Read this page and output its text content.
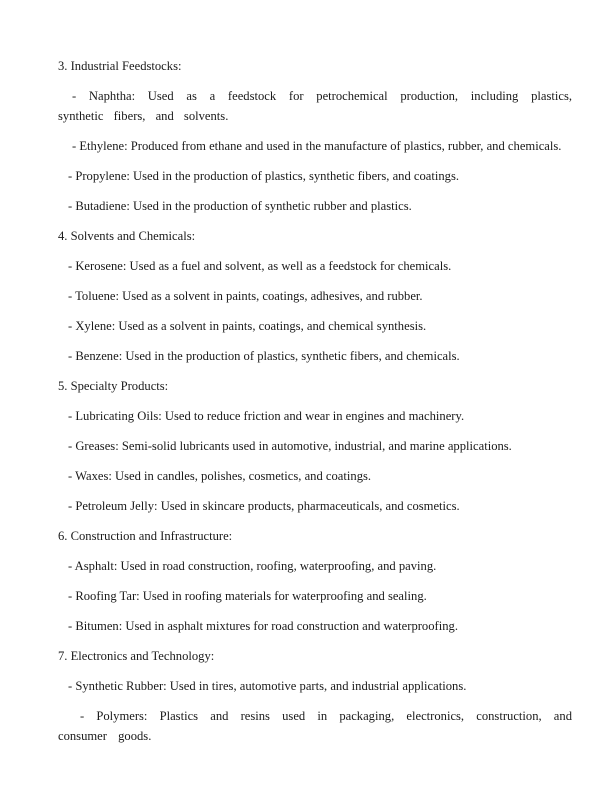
3. Industrial Feedstocks:

- Naphtha: Used as a feedstock for petrochemical production, including plastics, synthetic fibers, and solvents.

- Ethylene: Produced from ethane and used in the manufacture of plastics, rubber, and chemicals.

- Propylene: Used in the production of plastics, synthetic fibers, and coatings.

- Butadiene: Used in the production of synthetic rubber and plastics.

4. Solvents and Chemicals:

- Kerosene: Used as a fuel and solvent, as well as a feedstock for chemicals.

- Toluene: Used as a solvent in paints, coatings, adhesives, and rubber.

- Xylene: Used as a solvent in paints, coatings, and chemical synthesis.

- Benzene: Used in the production of plastics, synthetic fibers, and chemicals.

5. Specialty Products:

- Lubricating Oils: Used to reduce friction and wear in engines and machinery.

- Greases: Semi-solid lubricants used in automotive, industrial, and marine applications.

- Waxes: Used in candles, polishes, cosmetics, and coatings.

- Petroleum Jelly: Used in skincare products, pharmaceuticals, and cosmetics.

6. Construction and Infrastructure:

- Asphalt: Used in road construction, roofing, waterproofing, and paving.

- Roofing Tar: Used in roofing materials for waterproofing and sealing.

- Bitumen: Used in asphalt mixtures for road construction and waterproofing.

7. Electronics and Technology:

- Synthetic Rubber: Used in tires, automotive parts, and industrial applications.

- Polymers: Plastics and resins used in packaging, electronics, construction, and consumer goods.
